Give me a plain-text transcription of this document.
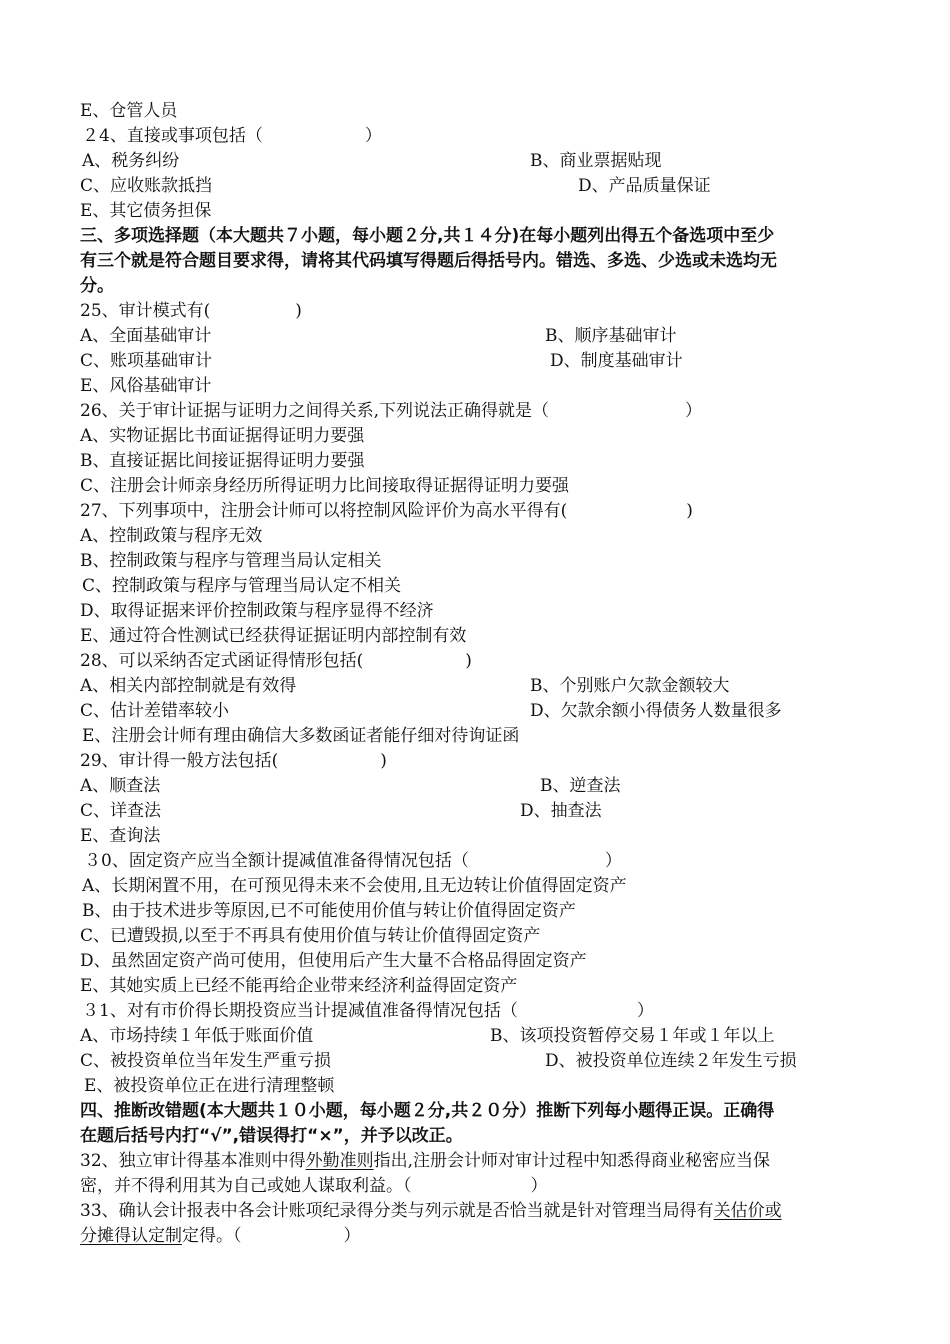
E、仓管人员
２4、直接或事项包括（　　　　　　）
A、税务纠纷	B、商业票据贴现
C、应收账款抵挡	D、产品质量保证
E、其它债务担保
三、多项选择题（本大题共７小题，每小题２分,共１４分)在每小题列出得五个备选项中至少
有三个就是符合题目要求得，请将其代码填写得题后得括号内。错选、多选、少选或未选均无
分。
25、审计模式有(　　　　　)
A、全面基础审计	B、顺序基础审计
C、账项基础审计	D、制度基础审计
E、风俗基础审计
26、关于审计证据与证明力之间得关系,下列说法正确得就是（　　　　　　　　）
A、实物证据比书面证据得证明力要强
B、直接证据比间接证据得证明力要强
C、注册会计师亲身经历所得证明力比间接取得证据得证明力要强
27、下列事项中，注册会计师可以将控制风险评价为高水平得有(　　　　　　　)
A、控制政策与程序无效
B、控制政策与程序与管理当局认定相关
C、控制政策与程序与管理当局认定不相关
D、取得证据来评价控制政策与程序显得不经济
E、通过符合性测试已经获得证据证明内部控制有效
28、可以采纳否定式函证得情形包括(　　　　　　)
A、相关内部控制就是有效得	B、个别账户欠款金额较大
C、估计差错率较小	D、欠款余额小得债务人数量很多
E、注册会计师有理由确信大多数函证者能仔细对待询证函
29、审计得一般方法包括(　　　　　　)
A、顺查法	B、逆查法
C、详查法	D、抽查法
E、查询法
３0、固定资产应当全额计提减值准备得情况包括（　　　　　　　　）
A、长期闲置不用，在可预见得未来不会使用,且无边转让价值得固定资产
B、由于技术进步等原因,已不可能使用价值与转让价值得固定资产
C、已遭毁损,以至于不再具有使用价值与转让价值得固定资产
D、虽然固定资产尚可使用，但使用后产生大量不合格品得固定资产
E、其她实质上已经不能再给企业带来经济利益得固定资产
３1、对有市价得长期投资应当计提减值准备得情况包括（　　　　　　　）
A、市场持续１年低于账面价值	B、该项投资暂停交易１年或１年以上
C、被投资单位当年发生严重亏损	D、被投资单位连续２年发生亏损
E、被投资单位正在进行清理整顿
四、推断改错题(本大题共１０小题，每小题２分,共２０分）推断下列每小题得正误。正确得
在题后括号内打“√”,错误得打“×”，并予以改正。
32、独立审计得基本准则中得外勤准则指出,注册会计师对审计过程中知悉得商业秘密应当保
密，并不得利用其为自己或她人谋取利益。（　　　　　　　）
33、确认会计报表中各会计账项纪录得分类与列示就是否恰当就是针对管理当局得有关估价或
分摊得认定制定得。（　　　　　　）
